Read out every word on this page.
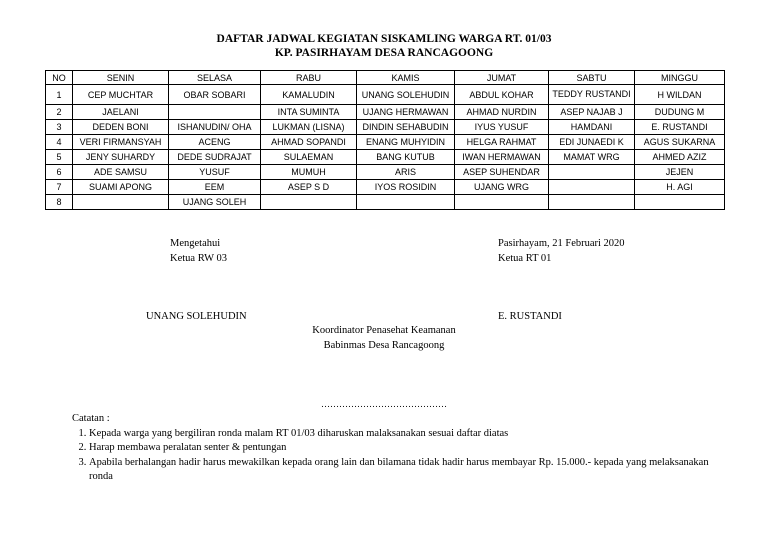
DAFTAR JADWAL KEGIATAN SISKAMLING WARGA RT. 01/03
KP. PASIRHAYAM DESA RANCAGOONG
NO	SENIN	SELASA	RABU	KAMIS	JUMAT	SABTU	MINGGU
1	CEP MUCHTAR	OBAR SOBARI	KAMALUDIN	UNANG SOLEHUDIN	ABDUL KOHAR	TEDDY RUSTANDI	H WILDAN
2	JAELANI		INTA SUMINTA	UJANG HERMAWAN	AHMAD NURDIN	ASEP NAJAB J	DUDUNG M
3	DEDEN BONI	ISHANUDIN/ OHA	LUKMAN (LISNA)	DINDIN SEHABUDIN	IYUS YUSUF	HAMDANI	E. RUSTANDI
4	VERI FIRMANSYAH	ACENG	AHMAD SOPANDI	ENANG MUHYIDIN	HELGA RAHMAT	EDI JUNAEDI K	AGUS SUKARNA
5	JENY SUHARDY	DEDE SUDRAJAT	SULAEMAN	BANG KUTUB	IWAN HERMAWAN	MAMAT WRG	AHMED AZIZ
6	ADE SAMSU	YUSUF	MUMUH	ARIS	ASEP SUHENDAR		JEJEN
7	SUAMI APONG	EEM	ASEP S D	IYOS ROSIDIN	UJANG WRG		H. AGI
8		UJANG SOLEH					
Mengetahui
Ketua RW 03
Pasirhayam, 21 Februari 2020
Ketua RT 01
UNANG SOLEHUDIN	E. RUSTANDI
Koordinator Penasehat Keamanan
Babinmas Desa Rancagoong
……………………………………
Catatan :
1. Kepada warga yang bergiliran ronda malam RT 01/03 diharuskan malaksanakan sesuai daftar diatas
2. Harap membawa peralatan senter & pentungan
3. Apabila berhalangan hadir harus mewakilkan kepada orang lain dan bilamana tidak hadir harus membayar Rp. 15.000.- kepada yang melaksanakan ronda
